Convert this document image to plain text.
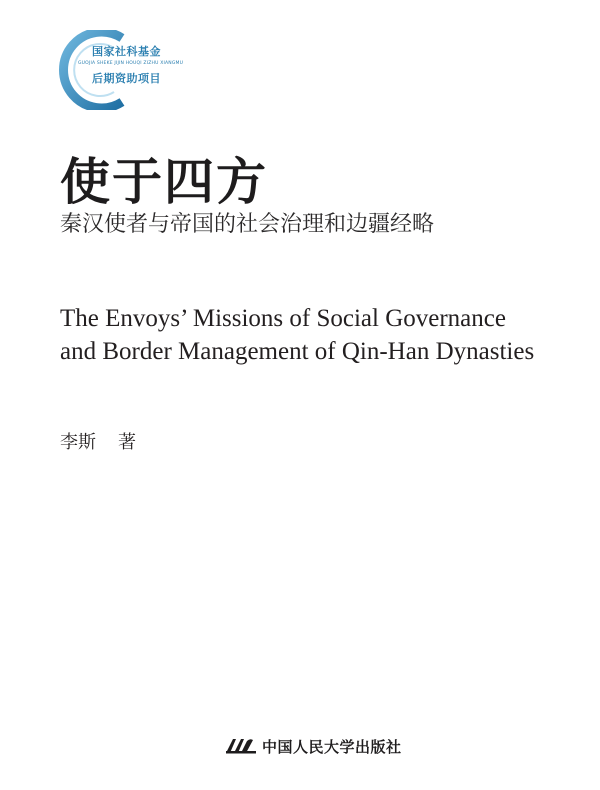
国家社科基金
GUOJIA SHEKE JIJIN HOUQI ZIZHU XIANGMU
后期资助项目
使于四方
秦汉使者与帝国的社会治理和边疆经略
The Envoys’ Missions of Social Governance
and Border Management of Qin-Han Dynasties
李斯 著
中国人民大学出版社
